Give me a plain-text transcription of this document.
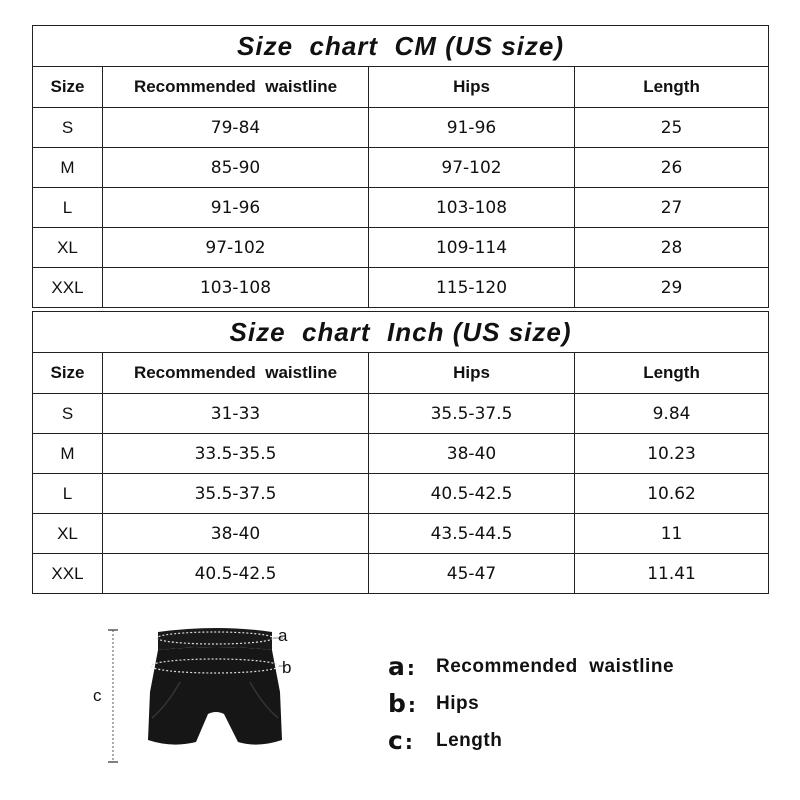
Size  chart  CM (US size)			
Size	Recommended  waistline	Hips	Length
S	79-84	91-96	25
M	85-90	97-102	26
L	91-96	103-108	27
XL	97-102	109-114	28
XXL	103-108	115-120	29
Size  chart  Inch (US size)			
Size	Recommended  waistline	Hips	Length
S	31-33	35.5-37.5	9.84
M	33.5-35.5	38-40	10.23
L	35.5-37.5	40.5-42.5	10.62
XL	38-40	43.5-44.5	11
XXL	40.5-42.5	45-47	11.41
a
b
c
a :	Recommended  waistline
b :	Hips
c :	Length
